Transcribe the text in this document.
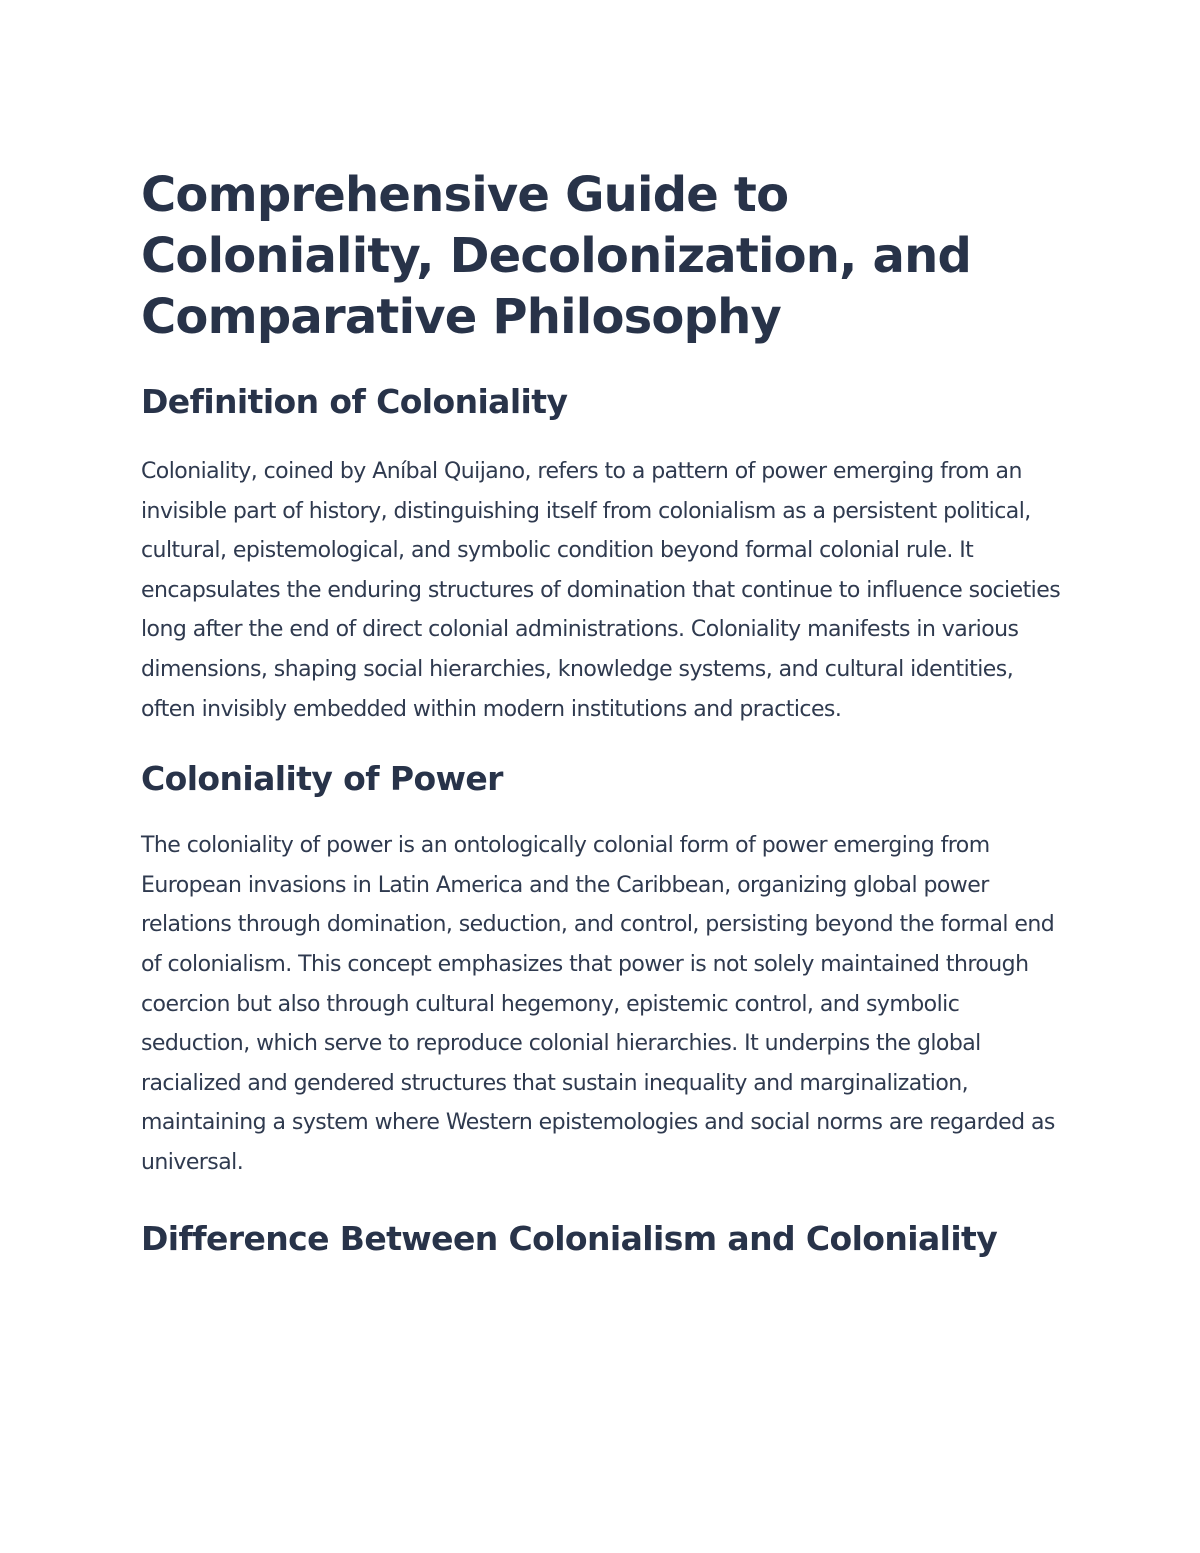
Comprehensive Guide to Coloniality, Decolonization, and Comparative Philosophy
Definition of Coloniality

Coloniality, coined by Aníbal Quijano, refers to a pattern of power emerging from an invisible part of history, distinguishing itself from colonialism as a persistent political, cultural, epistemological, and symbolic condition beyond formal colonial rule. It encapsulates the enduring structures of domination that continue to influence societies long after the end of direct colonial administrations. Coloniality manifests in various dimensions, shaping social hierarchies, knowledge systems, and cultural identities, often invisibly embedded within modern institutions and practices.

Coloniality of Power

The coloniality of power is an ontologically colonial form of power emerging from European invasions in Latin America and the Caribbean, organizing global power relations through domination, seduction, and control, persisting beyond the formal end of colonialism. This concept emphasizes that power is not solely maintained through coercion but also through cultural hegemony, epistemic control, and symbolic seduction, which serve to reproduce colonial hierarchies. It underpins the global racialized and gendered structures that sustain inequality and marginalization, maintaining a system where Western epistemologies and social norms are regarded as universal.

Difference Between Colonialism and Coloniality
